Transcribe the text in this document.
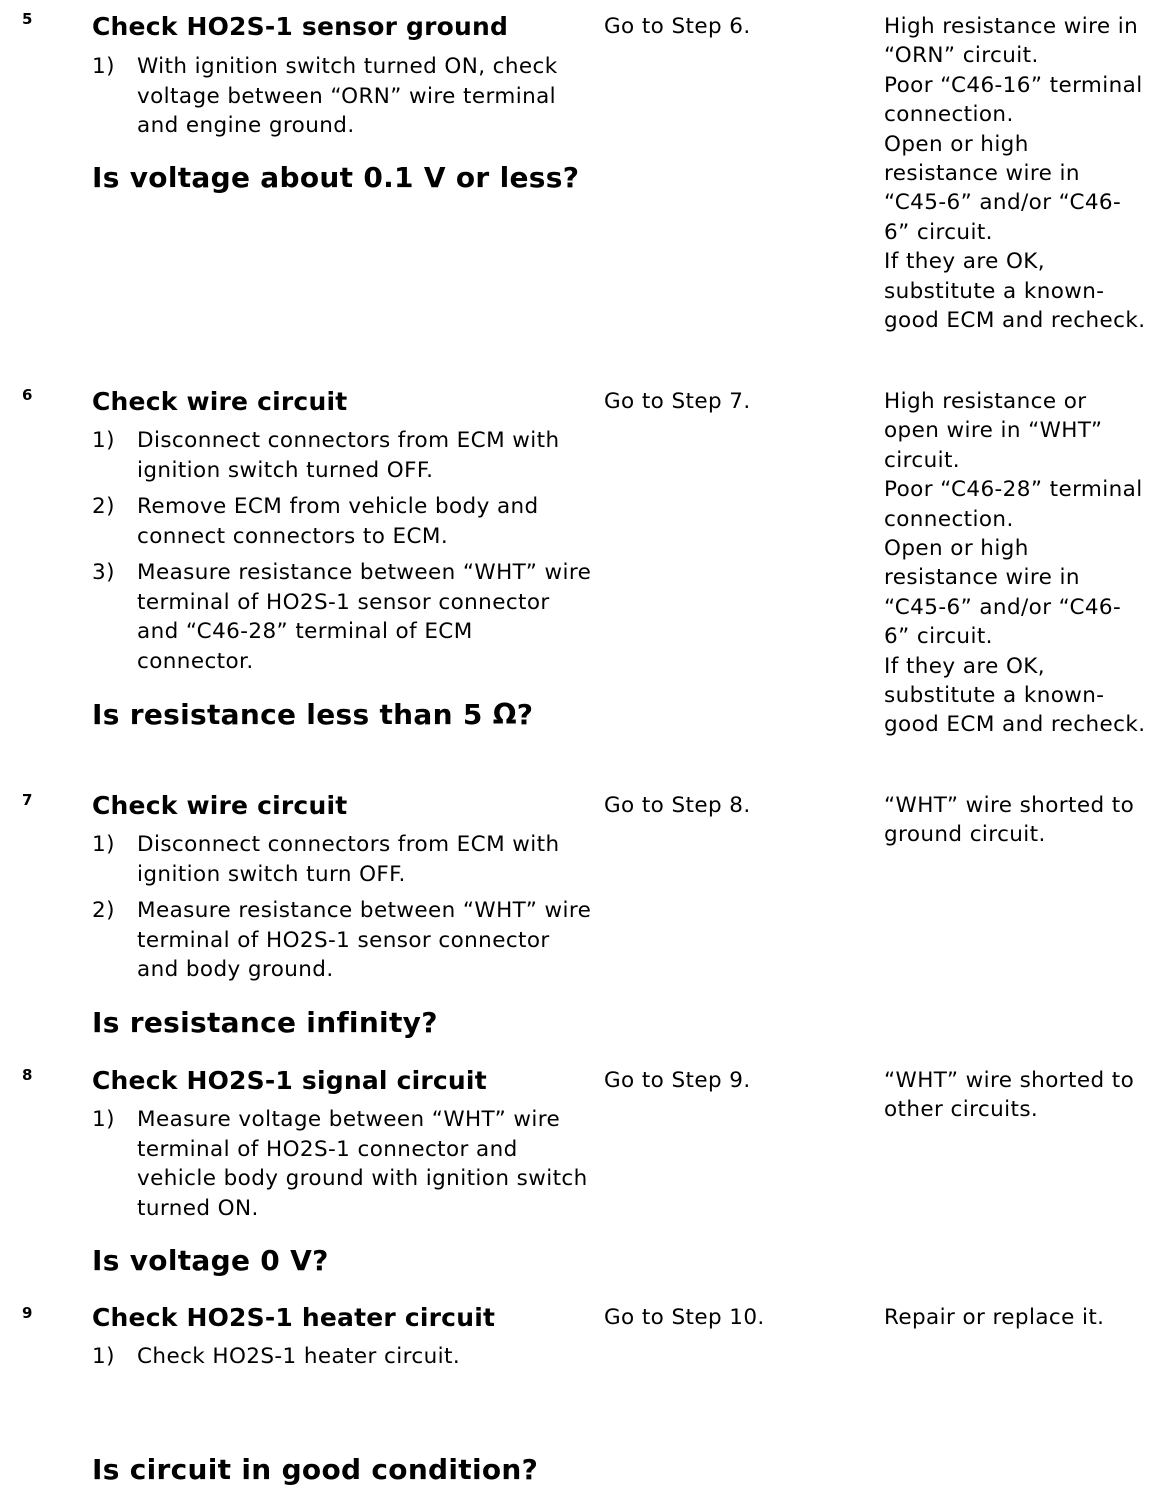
5 Check HO2S-1 sensor ground
1) With ignition switch turned ON, check voltage between “ORN” wire terminal and engine ground.
Is voltage about 0.1 V or less?
Go to Step 6.	High resistance wire in “ORN” circuit.
Poor “C46-16” terminal connection.
Open or high resistance wire in “C45-6” and/or “C46-6” circuit.
If they are OK, substitute a known-good ECM and recheck.
6 Check wire circuit
1) Disconnect connectors from ECM with ignition switch turned OFF.
2) Remove ECM from vehicle body and connect connectors to ECM.
3) Measure resistance between “WHT” wire terminal of HO2S-1 sensor connector and “C46-28” terminal of ECM connector.
Is resistance less than 5 Ω?
Go to Step 7.	High resistance or open wire in “WHT” circuit.
Poor “C46-28” terminal connection.
Open or high resistance wire in “C45-6” and/or “C46-6” circuit.
If they are OK, substitute a known-good ECM and recheck.
7 Check wire circuit
1) Disconnect connectors from ECM with ignition switch turn OFF.
2) Measure resistance between “WHT” wire terminal of HO2S-1 sensor connector and body ground.
Is resistance infinity?
Go to Step 8.	“WHT” wire shorted to ground circuit.
8 Check HO2S-1 signal circuit
1) Measure voltage between “WHT” wire terminal of HO2S-1 connector and vehicle body ground with ignition switch turned ON.
Is voltage 0 V?
Go to Step 9.	“WHT” wire shorted to other circuits.
9 Check HO2S-1 heater circuit
1) Check HO2S-1 heater circuit.
Is circuit in good condition?
Go to Step 10.	Repair or replace it.
